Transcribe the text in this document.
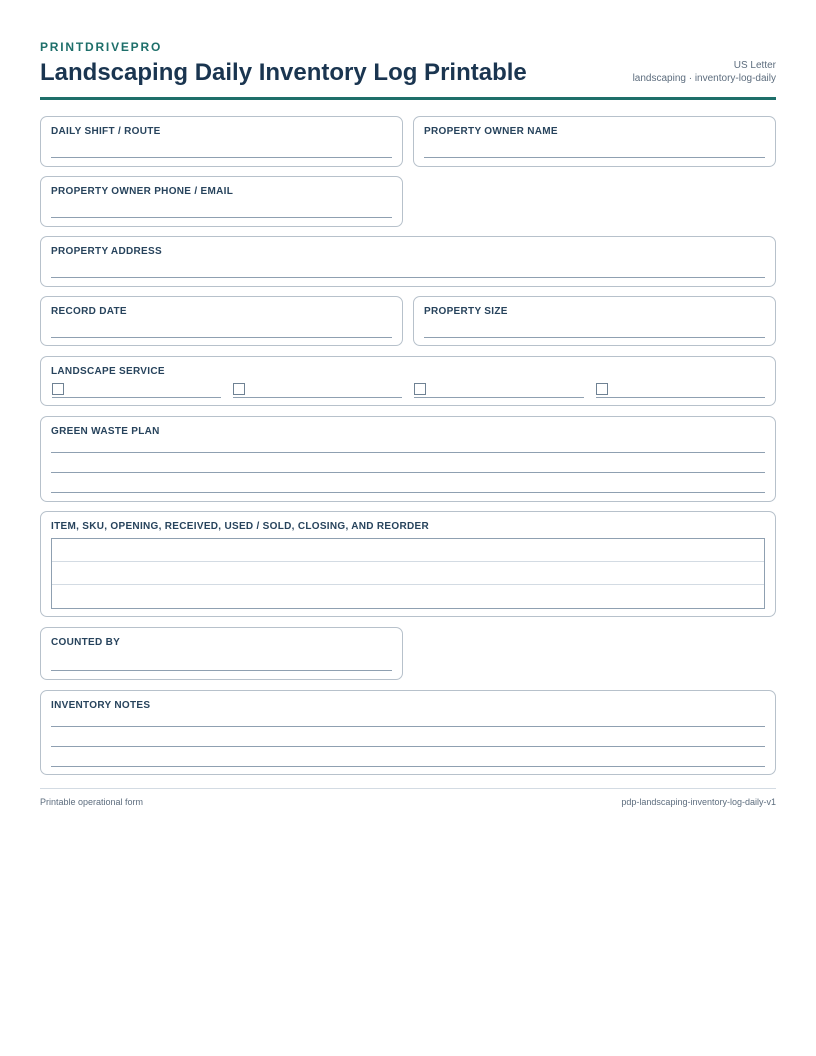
PRINTDRIVEPRO
Landscaping Daily Inventory Log Printable	US Letter
landscaping · inventory-log-daily
DAILY SHIFT / ROUTE	PROPERTY OWNER NAME
PROPERTY OWNER PHONE / EMAIL
PROPERTY ADDRESS
RECORD DATE	PROPERTY SIZE
LANDSCAPE SERVICE
GREEN WASTE PLAN
ITEM, SKU, OPENING, RECEIVED, USED / SOLD, CLOSING, AND REORDER
COUNTED BY
INVENTORY NOTES
Printable operational form	pdp-landscaping-inventory-log-daily-v1
